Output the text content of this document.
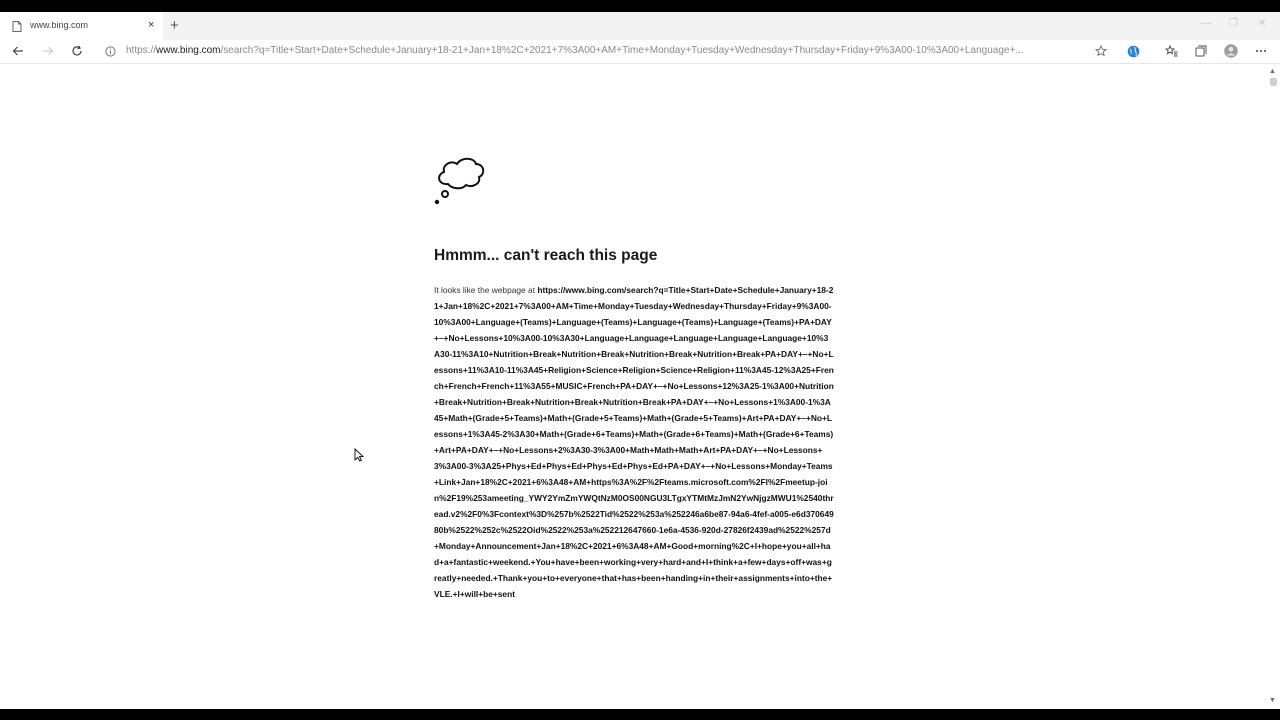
www.bing.com	× +	— ❐ ✕
https://www.bing.com/search?q=Title+Start+Date+Schedule+January+18-21+Jan+18%2C+2021+7%3A00+AM+Time+Monday+Tuesday+Wednesday+Thursday+Friday+9%3A00-10%3A00+Language+...
Hmmm... can't reach this page

It looks like the webpage at https://www.bing.com/search?q=Title+Start+Date+Schedule+January+18-21+Jan+18%2C+2021+7%3A00+AM+Time+Monday+Tuesday+Wednesday+Thursday+Friday+9%3A00-10%3A00+Language+(Teams)+Language+(Teams)+Language+(Teams)+Language+(Teams)+PA+DAY+–+No+Lessons+10%3A00-10%3A30+Language+Language+Language+Language+Language+10%3A30-11%3A10+Nutrition+Break+Nutrition+Break+Nutrition+Break+Nutrition+Break+PA+DAY+–+No+Lessons+11%3A10-11%3A45+Religion+Science+Religion+Science+Religion+11%3A45-12%3A25+French+French+French+11%3A55+MUSIC+French+PA+DAY+–+No+Lessons+12%3A25-1%3A00+Nutrition+Break+Nutrition+Break+Nutrition+Break+Nutrition+Break+PA+DAY+–+No+Lessons+1%3A00-1%3A45+Math+(Grade+5+Teams)+Math+(Grade+5+Teams)+Math+(Grade+5+Teams)+Art+PA+DAY+–+No+Lessons+1%3A45-2%3A30+Math+(Grade+6+Teams)+Math+(Grade+6+Teams)+Math+(Grade+6+Teams)+Art+PA+DAY+–+No+Lessons+2%3A30-3%3A00+Math+Math+Math+Art+PA+DAY+–+No+Lessons+3%3A00-3%3A25+Phys+Ed+Phys+Ed+Phys+Ed+Phys+Ed+PA+DAY+–+No+Lessons+Monday+Teams+Link+Jan+18%2C+2021+6%3A48+AM+https%3A%2F%2Fteams.microsoft.com%2Fl%2Fmeetup-join%2F19%253ameeting_YWY2YmZmYWQtNzM0OS00NGU3LTgxYTMtMzJmN2YwNjgzMWU1%2540thread.v2%2F0%3Fcontext%3D%257b%2522Tid%2522%253a%252246a6be87-94a6-4fef-a005-e6d37064980b%2522%252c%2522Oid%2522%253a%252212647660-1e6a-4536-920d-27826f2439ad%2522%257d+Monday+Announcement+Jan+18%2C+2021+6%3A48+AM+Good+morning%2C+I+hope+you+all+had+a+fantastic+weekend.+You+have+been+working+very+hard+and+I+think+a+few+days+off+was+greatly+needed.+Thank+you+to+everyone+that+has+been+handing+in+their+assignments+into+the+VLE.+I+will+be+sent

▲
▼
